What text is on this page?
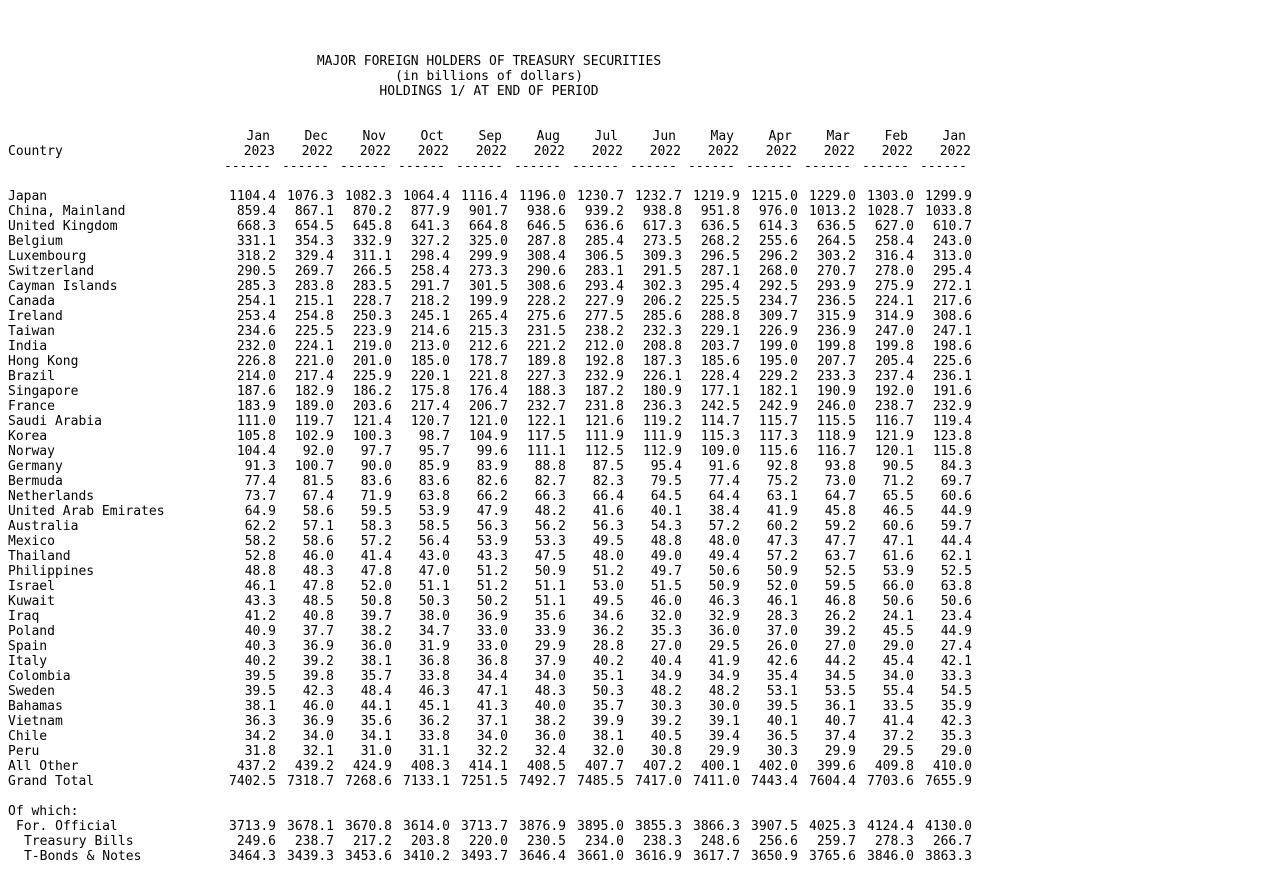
MAJOR FOREIGN HOLDERS OF TREASURY SECURITIES
(in billions of dollars)
HOLDINGS 1/ AT END OF PERIOD
Jan	Dec	Nov	Oct	Sep	Aug	Jul	Jun	May	Apr	Mar	Feb	Jan
Country	2023	2022	2022	2022	2022	2022	2022	2022	2022	2022	2022	2022	2022
------ ------ ------ ------ ------ ------ ------ ------ ------ ------ ------ ------ ------
Japan	1104.4 1076.3 1082.3 1064.4 1116.4 1196.0 1230.7 1232.7 1219.9 1215.0 1229.0 1303.0 1299.9
China, Mainland	859.4	867.1	870.2	877.9	901.7	938.6	939.2	938.8	951.8	976.0 1013.2 1028.7 1033.8
United Kingdom	668.3	654.5	645.8	641.3	664.8	646.5	636.6	617.3	636.5	614.3	636.5	627.0	610.7
Belgium	331.1	354.3	332.9	327.2	325.0	287.8	285.4	273.5	268.2	255.6	264.5	258.4	243.0
Luxembourg	318.2	329.4	311.1	298.4	299.9	308.4	306.5	309.3	296.5	296.2	303.2	316.4	313.0
Switzerland	290.5	269.7	266.5	258.4	273.3	290.6	283.1	291.5	287.1	268.0	270.7	278.0	295.4
Cayman Islands	285.3	283.8	283.5	291.7	301.5	308.6	293.4	302.3	295.4	292.5	293.9	275.9	272.1
Canada	254.1	215.1	228.7	218.2	199.9	228.2	227.9	206.2	225.5	234.7	236.5	224.1	217.6
Ireland	253.4	254.8	250.3	245.1	265.4	275.6	277.5	285.6	288.8	309.7	315.9	314.9	308.6
Taiwan	234.6	225.5	223.9	214.6	215.3	231.5	238.2	232.3	229.1	226.9	236.9	247.0	247.1
India	232.0	224.1	219.0	213.0	212.6	221.2	212.0	208.8	203.7	199.0	199.8	199.8	198.6
Hong Kong	226.8	221.0	201.0	185.0	178.7	189.8	192.8	187.3	185.6	195.0	207.7	205.4	225.6
Brazil	214.0	217.4	225.9	220.1	221.8	227.3	232.9	226.1	228.4	229.2	233.3	237.4	236.1
Singapore	187.6	182.9	186.2	175.8	176.4	188.3	187.2	180.9	177.1	182.1	190.9	192.0	191.6
France	183.9	189.0	203.6	217.4	206.7	232.7	231.8	236.3	242.5	242.9	246.0	238.7	232.9
Saudi Arabia	111.0	119.7	121.4	120.7	121.0	122.1	121.6	119.2	114.7	115.7	115.5	116.7	119.4
Korea	105.8	102.9	100.3	98.7	104.9	117.5	111.9	111.9	115.3	117.3	118.9	121.9	123.8
Norway	104.4	92.0	97.7	95.7	99.6	111.1	112.5	112.9	109.0	115.6	116.7	120.1	115.8
Germany	91.3	100.7	90.0	85.9	83.9	88.8	87.5	95.4	91.6	92.8	93.8	90.5	84.3
Bermuda	77.4	81.5	83.6	83.6	82.6	82.7	82.3	79.5	77.4	75.2	73.0	71.2	69.7
Netherlands	73.7	67.4	71.9	63.8	66.2	66.3	66.4	64.5	64.4	63.1	64.7	65.5	60.6
United Arab Emirates	64.9	58.6	59.5	53.9	47.9	48.2	41.6	40.1	38.4	41.9	45.8	46.5	44.9
Australia	62.2	57.1	58.3	58.5	56.3	56.2	56.3	54.3	57.2	60.2	59.2	60.6	59.7
Mexico	58.2	58.6	57.2	56.4	53.9	53.3	49.5	48.8	48.0	47.3	47.7	47.1	44.4
Thailand	52.8	46.0	41.4	43.0	43.3	47.5	48.0	49.0	49.4	57.2	63.7	61.6	62.1
Philippines	48.8	48.3	47.8	47.0	51.2	50.9	51.2	49.7	50.6	50.9	52.5	53.9	52.5
Israel	46.1	47.8	52.0	51.1	51.2	51.1	53.0	51.5	50.9	52.0	59.5	66.0	63.8
Kuwait	43.3	48.5	50.8	50.3	50.2	51.1	49.5	46.0	46.3	46.1	46.8	50.6	50.6
Iraq	41.2	40.8	39.7	38.0	36.9	35.6	34.6	32.0	32.9	28.3	26.2	24.1	23.4
Poland	40.9	37.7	38.2	34.7	33.0	33.9	36.2	35.3	36.0	37.0	39.2	45.5	44.9
Spain	40.3	36.9	36.0	31.9	33.0	29.9	28.8	27.0	29.5	26.0	27.0	29.0	27.4
Italy	40.2	39.2	38.1	36.8	36.8	37.9	40.2	40.4	41.9	42.6	44.2	45.4	42.1
Colombia	39.5	39.8	35.7	33.8	34.4	34.0	35.1	34.9	34.9	35.4	34.5	34.0	33.3
Sweden	39.5	42.3	48.4	46.3	47.1	48.3	50.3	48.2	48.2	53.1	53.5	55.4	54.5
Bahamas	38.1	46.0	44.1	45.1	41.3	40.0	35.7	30.3	30.0	39.5	36.1	33.5	35.9
Vietnam	36.3	36.9	35.6	36.2	37.1	38.2	39.9	39.2	39.1	40.1	40.7	41.4	42.3
Chile	34.2	34.0	34.1	33.8	34.0	36.0	38.1	40.5	39.4	36.5	37.4	37.2	35.3
Peru	31.8	32.1	31.0	31.1	32.2	32.4	32.0	30.8	29.9	30.3	29.9	29.5	29.0
All Other	437.2	439.2	424.9	408.3	414.1	408.5	407.7	407.2	400.1	402.0	399.6	409.8	410.0
Grand Total	7402.5 7318.7 7268.6 7133.1 7251.5 7492.7 7485.5 7417.0 7411.0 7443.4 7604.4 7703.6 7655.9
Of which:
For. Official	3713.9 3678.1 3670.8 3614.0 3713.7 3876.9 3895.0 3855.3 3866.3 3907.5 4025.3 4124.4 4130.0
Treasury Bills	249.6	238.7	217.2	203.8	220.0	230.5	234.0	238.3	248.6	256.6	259.7	278.3	266.7
T-Bonds & Notes	3464.3 3439.3 3453.6 3410.2 3493.7 3646.4 3661.0 3616.9 3617.7 3650.9 3765.6 3846.0 3863.3
